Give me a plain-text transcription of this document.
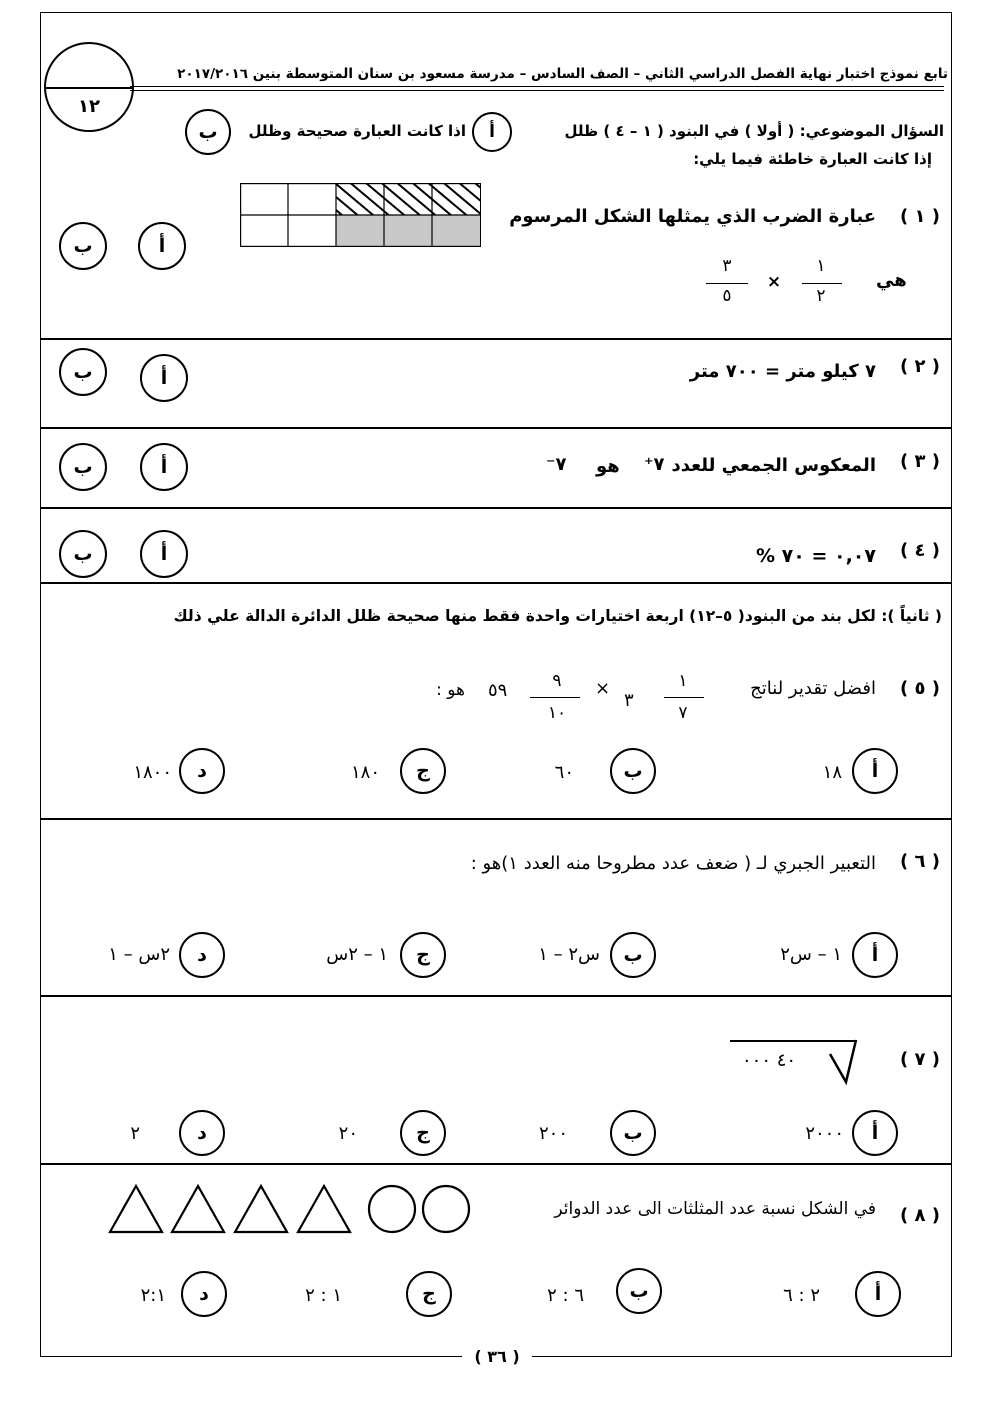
تابع نموذج اختبار نهاية الفصل الدراسي الثاني – الصف السادس – مدرسة مسعود بن سنان المتوسطة بنين ٢٠١٧/٢٠١٦
١٢
السؤال الموضوعي: ( أولا ) في البنود ( ١ – ٤ ) ظلل
أ
اذا كانت العبارة صحيحة وظلل
ب
إذا كانت العبارة خاطئة فيما يلي:
( ١ )
عبارة الضرب الذي يمثلها الشكل المرسوم
هي
١
٢
×
٣
٥
أ
ب
( ٢ )
٧ كيلو متر = ٧٠٠ متر
أ
ب
( ٣ )
المعكوس الجمعي للعدد
⁺٧
هو
⁻٧
أ
ب
( ٤ )
٠,٠٧ = ٧٠ %
أ
ب
( ثانياً ): لكل بند من البنود( ٥–١٢) اربعة اختيارات واحدة فقط منها صحيحة ظلل الدائرة الدالة علي ذلك
( ٥ )
افضل تقدير لناتج
١
٧
٣
×
٩
١٠
٥٩
هو :
أ
١٨
ب
٦٠
ج
١٨٠
د
١٨٠٠
( ٦ )
التعبير الجبري لـ ( ضعف عدد مطروحا منه العدد ١)هو :
أ
١ – س٢
ب
س٢ – ١
ج
١ – ٢س
د
٢س – ١
( ٧ )
٤٠ ٠٠٠
أ
٢٠٠٠
ب
٢٠٠
ج
٢٠
د
٢
( ٨ )
في الشكل نسبة عدد المثلثات الى عدد الدوائر
أ
٢ : ٦
ب
٦ : ٢
ج
١ : ٢
د
٢:١
( ٣٦ )
